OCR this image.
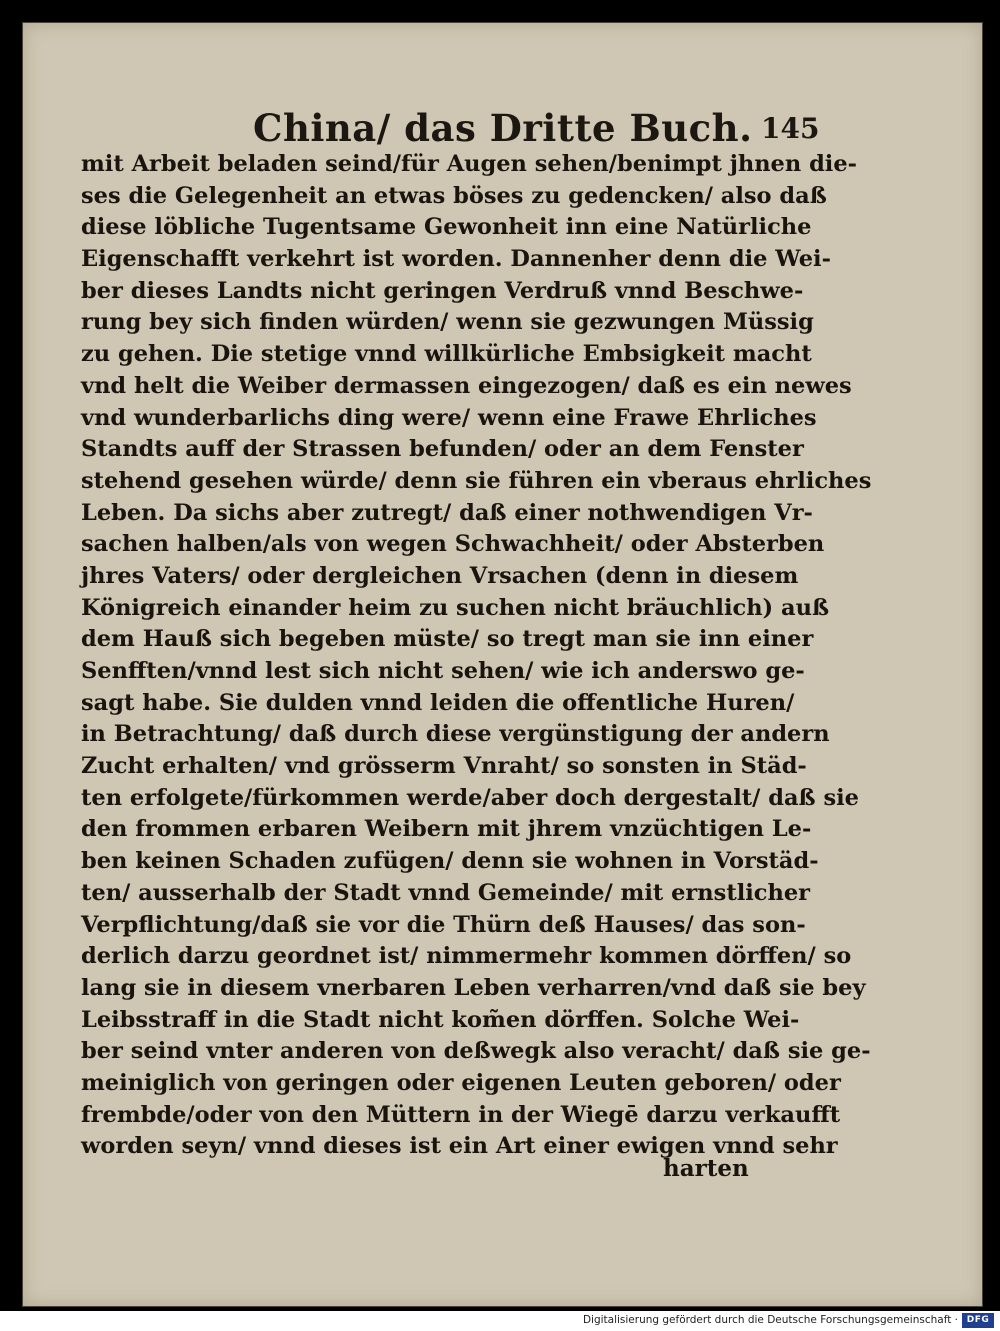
China/ das Dritte Buch. 145
mit Arbeit beladen seind/für Augen sehen/benimpt jhnen die-
ses die Gelegenheit an etwas böses zu gedencken/ also daß
diese löbliche Tugentsame Gewonheit inn eine Natürliche
Eigenschafft verkehrt ist worden. Dannenher denn die Wei-
ber dieses Landts nicht geringen Verdruß vnnd Beschwe-
rung bey sich finden würden/ wenn sie gezwungen Müssig
zu gehen. Die stetige vnnd willkürliche Embsigkeit macht
vnd helt die Weiber dermassen eingezogen/ daß es ein newes
vnd wunderbarlichs ding were/ wenn eine Frawe Ehrliches
Standts auff der Strassen befunden/ oder an dem Fenster
stehend gesehen würde/ denn sie führen ein vberaus ehrliches
Leben. Da sichs aber zutregt/ daß einer nothwendigen Vr-
sachen halben/als von wegen Schwachheit/ oder Absterben
jhres Vaters/ oder dergleichen Vrsachen (denn in diesem
Königreich einander heim zu suchen nicht bräuchlich) auß
dem Hauß sich begeben müste/ so tregt man sie inn einer
Senfften/vnnd lest sich nicht sehen/ wie ich anderswo ge-
sagt habe. Sie dulden vnnd leiden die offentliche Huren/
in Betrachtung/ daß durch diese vergünstigung der andern
Zucht erhalten/ vnd grösserm Vnraht/ so sonsten in Städ-
ten erfolgete/fürkommen werde/aber doch dergestalt/ daß sie
den frommen erbaren Weibern mit jhrem vnzüchtigen Le-
ben keinen Schaden zufügen/ denn sie wohnen in Vorstäd-
ten/ ausserhalb der Stadt vnnd Gemeinde/ mit ernstlicher
Verpflichtung/daß sie vor die Thürn deß Hauses/ das son-
derlich darzu geordnet ist/ nimmermehr kommen dörffen/ so
lang sie in diesem vnerbaren Leben verharren/vnd daß sie bey
Leibsstraff in die Stadt nicht kom̃en dörffen. Solche Wei-
ber seind vnter anderen von deßwegk also veracht/ daß sie ge-
meiniglich von geringen oder eigenen Leuten geboren/ oder
frembde/oder von den Müttern in der Wiegē darzu verkaufft
worden seyn/ vnnd dieses ist ein Art einer ewigen vnnd sehr
harten
Digitalisierung gefördert durch die Deutsche Forschungsgemeinschaft · DFG
